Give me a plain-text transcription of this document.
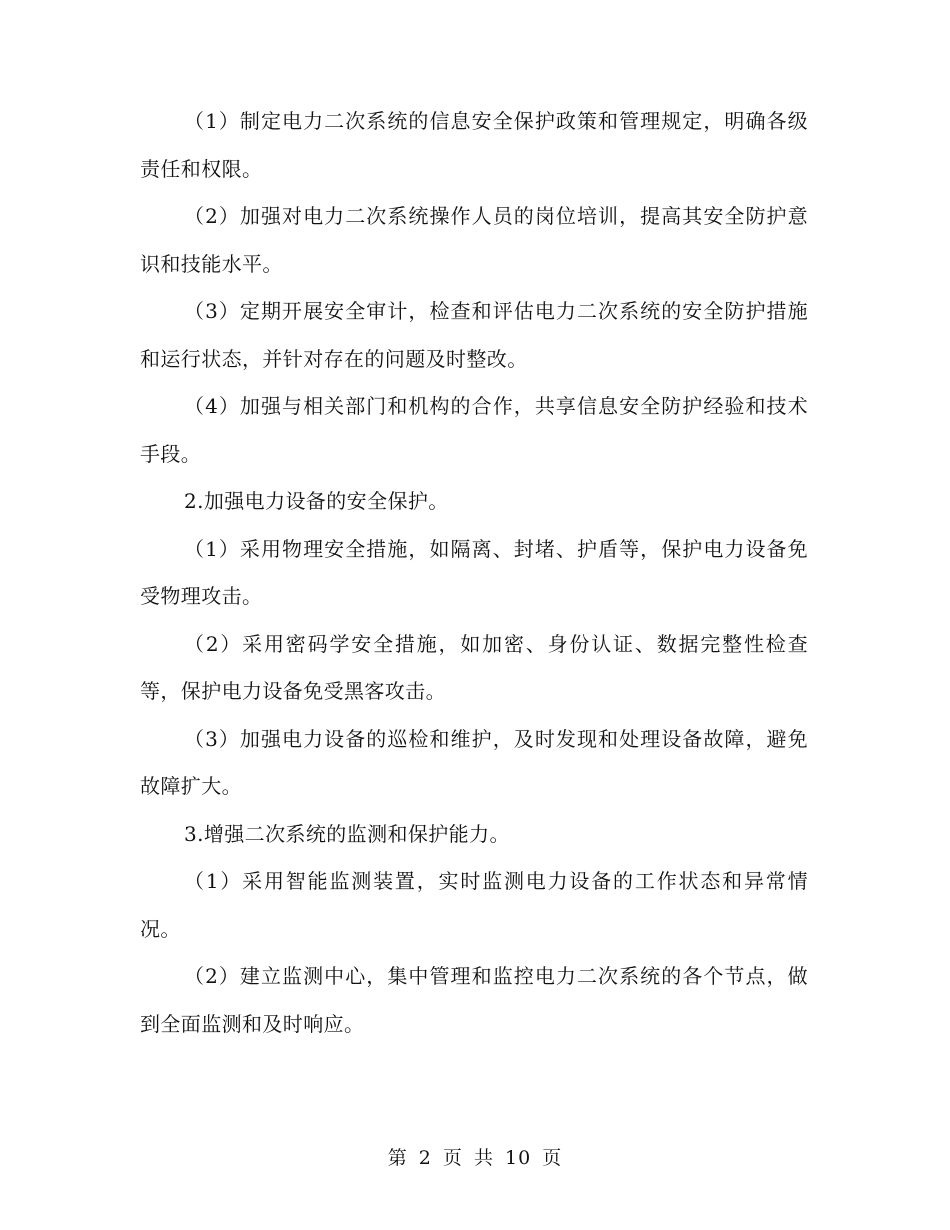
（1）制定电力二次系统的信息安全保护政策和管理规定，明确各级责任和权限。

（2）加强对电力二次系统操作人员的岗位培训，提高其安全防护意识和技能水平。

（3）定期开展安全审计，检查和评估电力二次系统的安全防护措施和运行状态，并针对存在的问题及时整改。

（4）加强与相关部门和机构的合作，共享信息安全防护经验和技术手段。

2.加强电力设备的安全保护。

（1）采用物理安全措施，如隔离、封堵、护盾等，保护电力设备免受物理攻击。

（2）采用密码学安全措施，如加密、身份认证、数据完整性检查等，保护电力设备免受黑客攻击。

（3）加强电力设备的巡检和维护，及时发现和处理设备故障，避免故障扩大。

3.增强二次系统的监测和保护能力。

（1）采用智能监测装置，实时监测电力设备的工作状态和异常情况。

（2）建立监测中心，集中管理和监控电力二次系统的各个节点，做到全面监测和及时响应。

第 2 页 共 10 页
